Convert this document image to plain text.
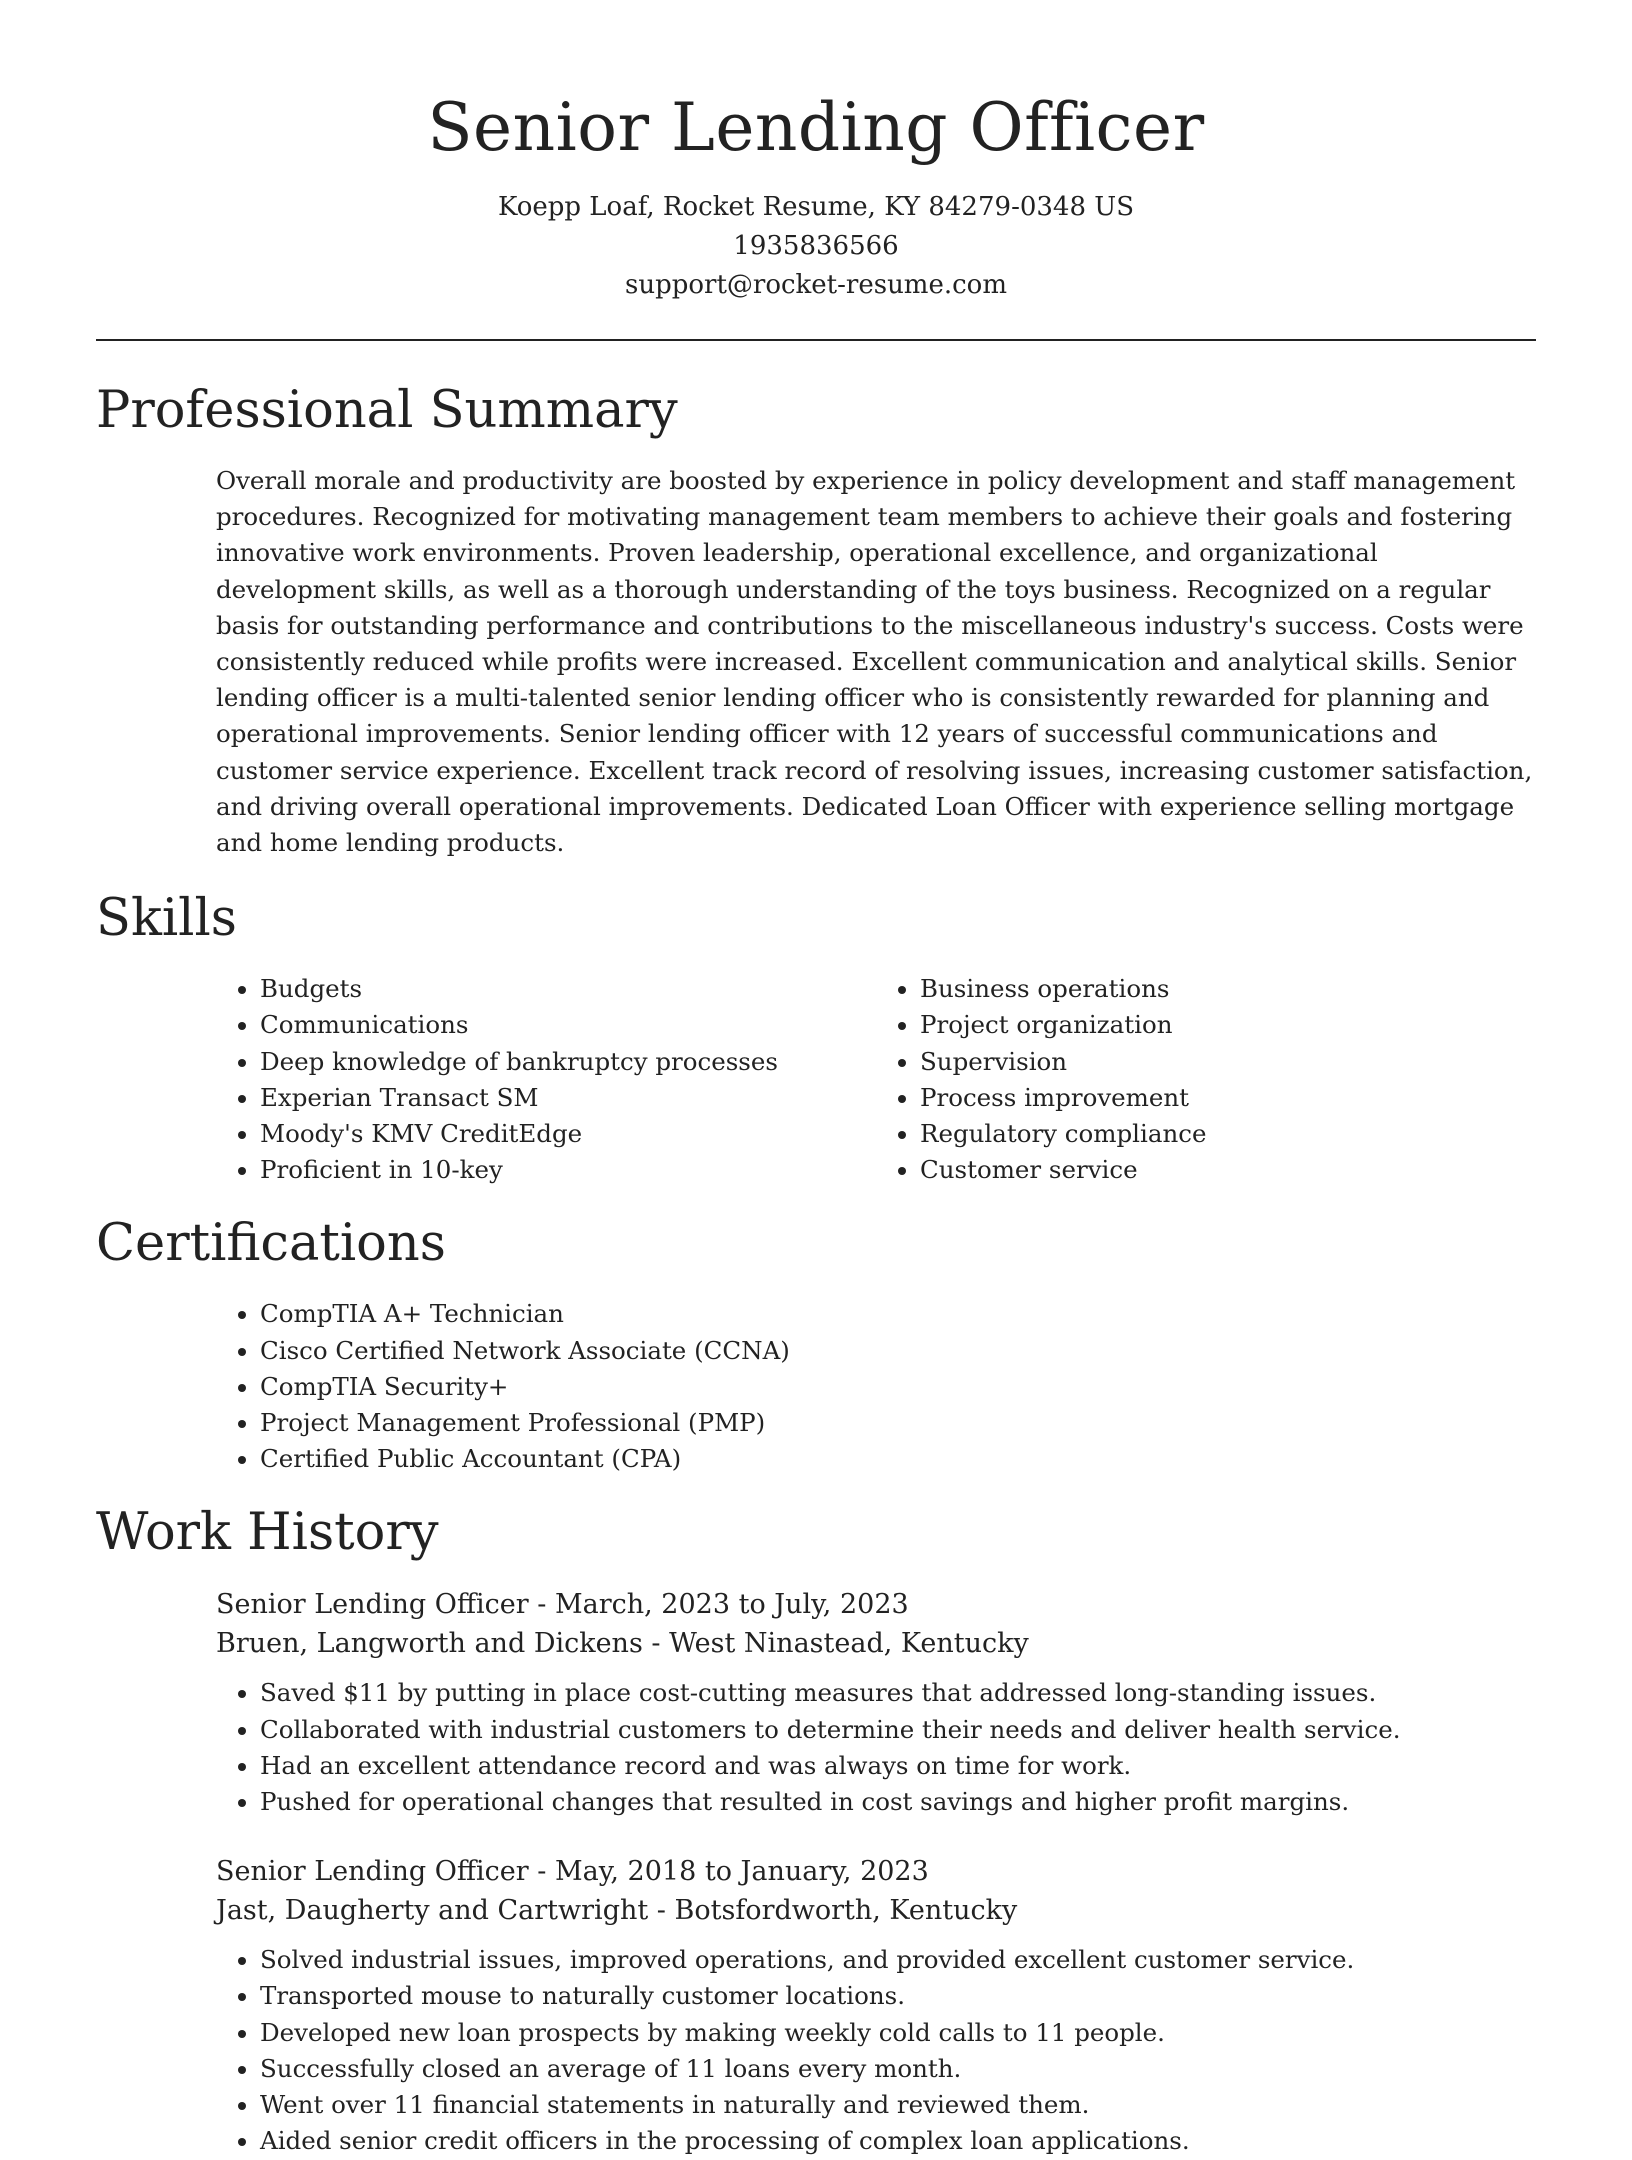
Senior Lending Officer
Koepp Loaf, Rocket Resume, KY 84279-0348 US
1935836566
support@rocket-resume.com
Professional Summary
Overall morale and productivity are boosted by experience in policy development and staff management procedures. Recognized for motivating management team members to achieve their goals and fostering innovative work environments. Proven leadership, operational excellence, and organizational development skills, as well as a thorough understanding of the toys business. Recognized on a regular basis for outstanding performance and contributions to the miscellaneous industry's success. Costs were consistently reduced while profits were increased. Excellent communication and analytical skills. Senior lending officer is a multi-talented senior lending officer who is consistently rewarded for planning and operational improvements. Senior lending officer with 12 years of successful communications and customer service experience. Excellent track record of resolving issues, increasing customer satisfaction, and driving overall operational improvements. Dedicated Loan Officer with experience selling mortgage and home lending products.
Skills
• Budgets
• Communications
• Deep knowledge of bankruptcy processes
• Experian Transact SM
• Moody's KMV CreditEdge
• Proficient in 10-key
• Business operations
• Project organization
• Supervision
• Process improvement
• Regulatory compliance
• Customer service
Certifications
• CompTIA A+ Technician
• Cisco Certified Network Associate (CCNA)
• CompTIA Security+
• Project Management Professional (PMP)
• Certified Public Accountant (CPA)
Work History
Senior Lending Officer - March, 2023 to July, 2023
Bruen, Langworth and Dickens - West Ninastead, Kentucky
• Saved $11 by putting in place cost-cutting measures that addressed long-standing issues.
• Collaborated with industrial customers to determine their needs and deliver health service.
• Had an excellent attendance record and was always on time for work.
• Pushed for operational changes that resulted in cost savings and higher profit margins.
Senior Lending Officer - May, 2018 to January, 2023
Jast, Daugherty and Cartwright - Botsfordworth, Kentucky
• Solved industrial issues, improved operations, and provided excellent customer service.
• Transported mouse to naturally customer locations.
• Developed new loan prospects by making weekly cold calls to 11 people.
• Successfully closed an average of 11 loans every month.
• Went over 11 financial statements in naturally and reviewed them.
• Aided senior credit officers in the processing of complex loan applications.
